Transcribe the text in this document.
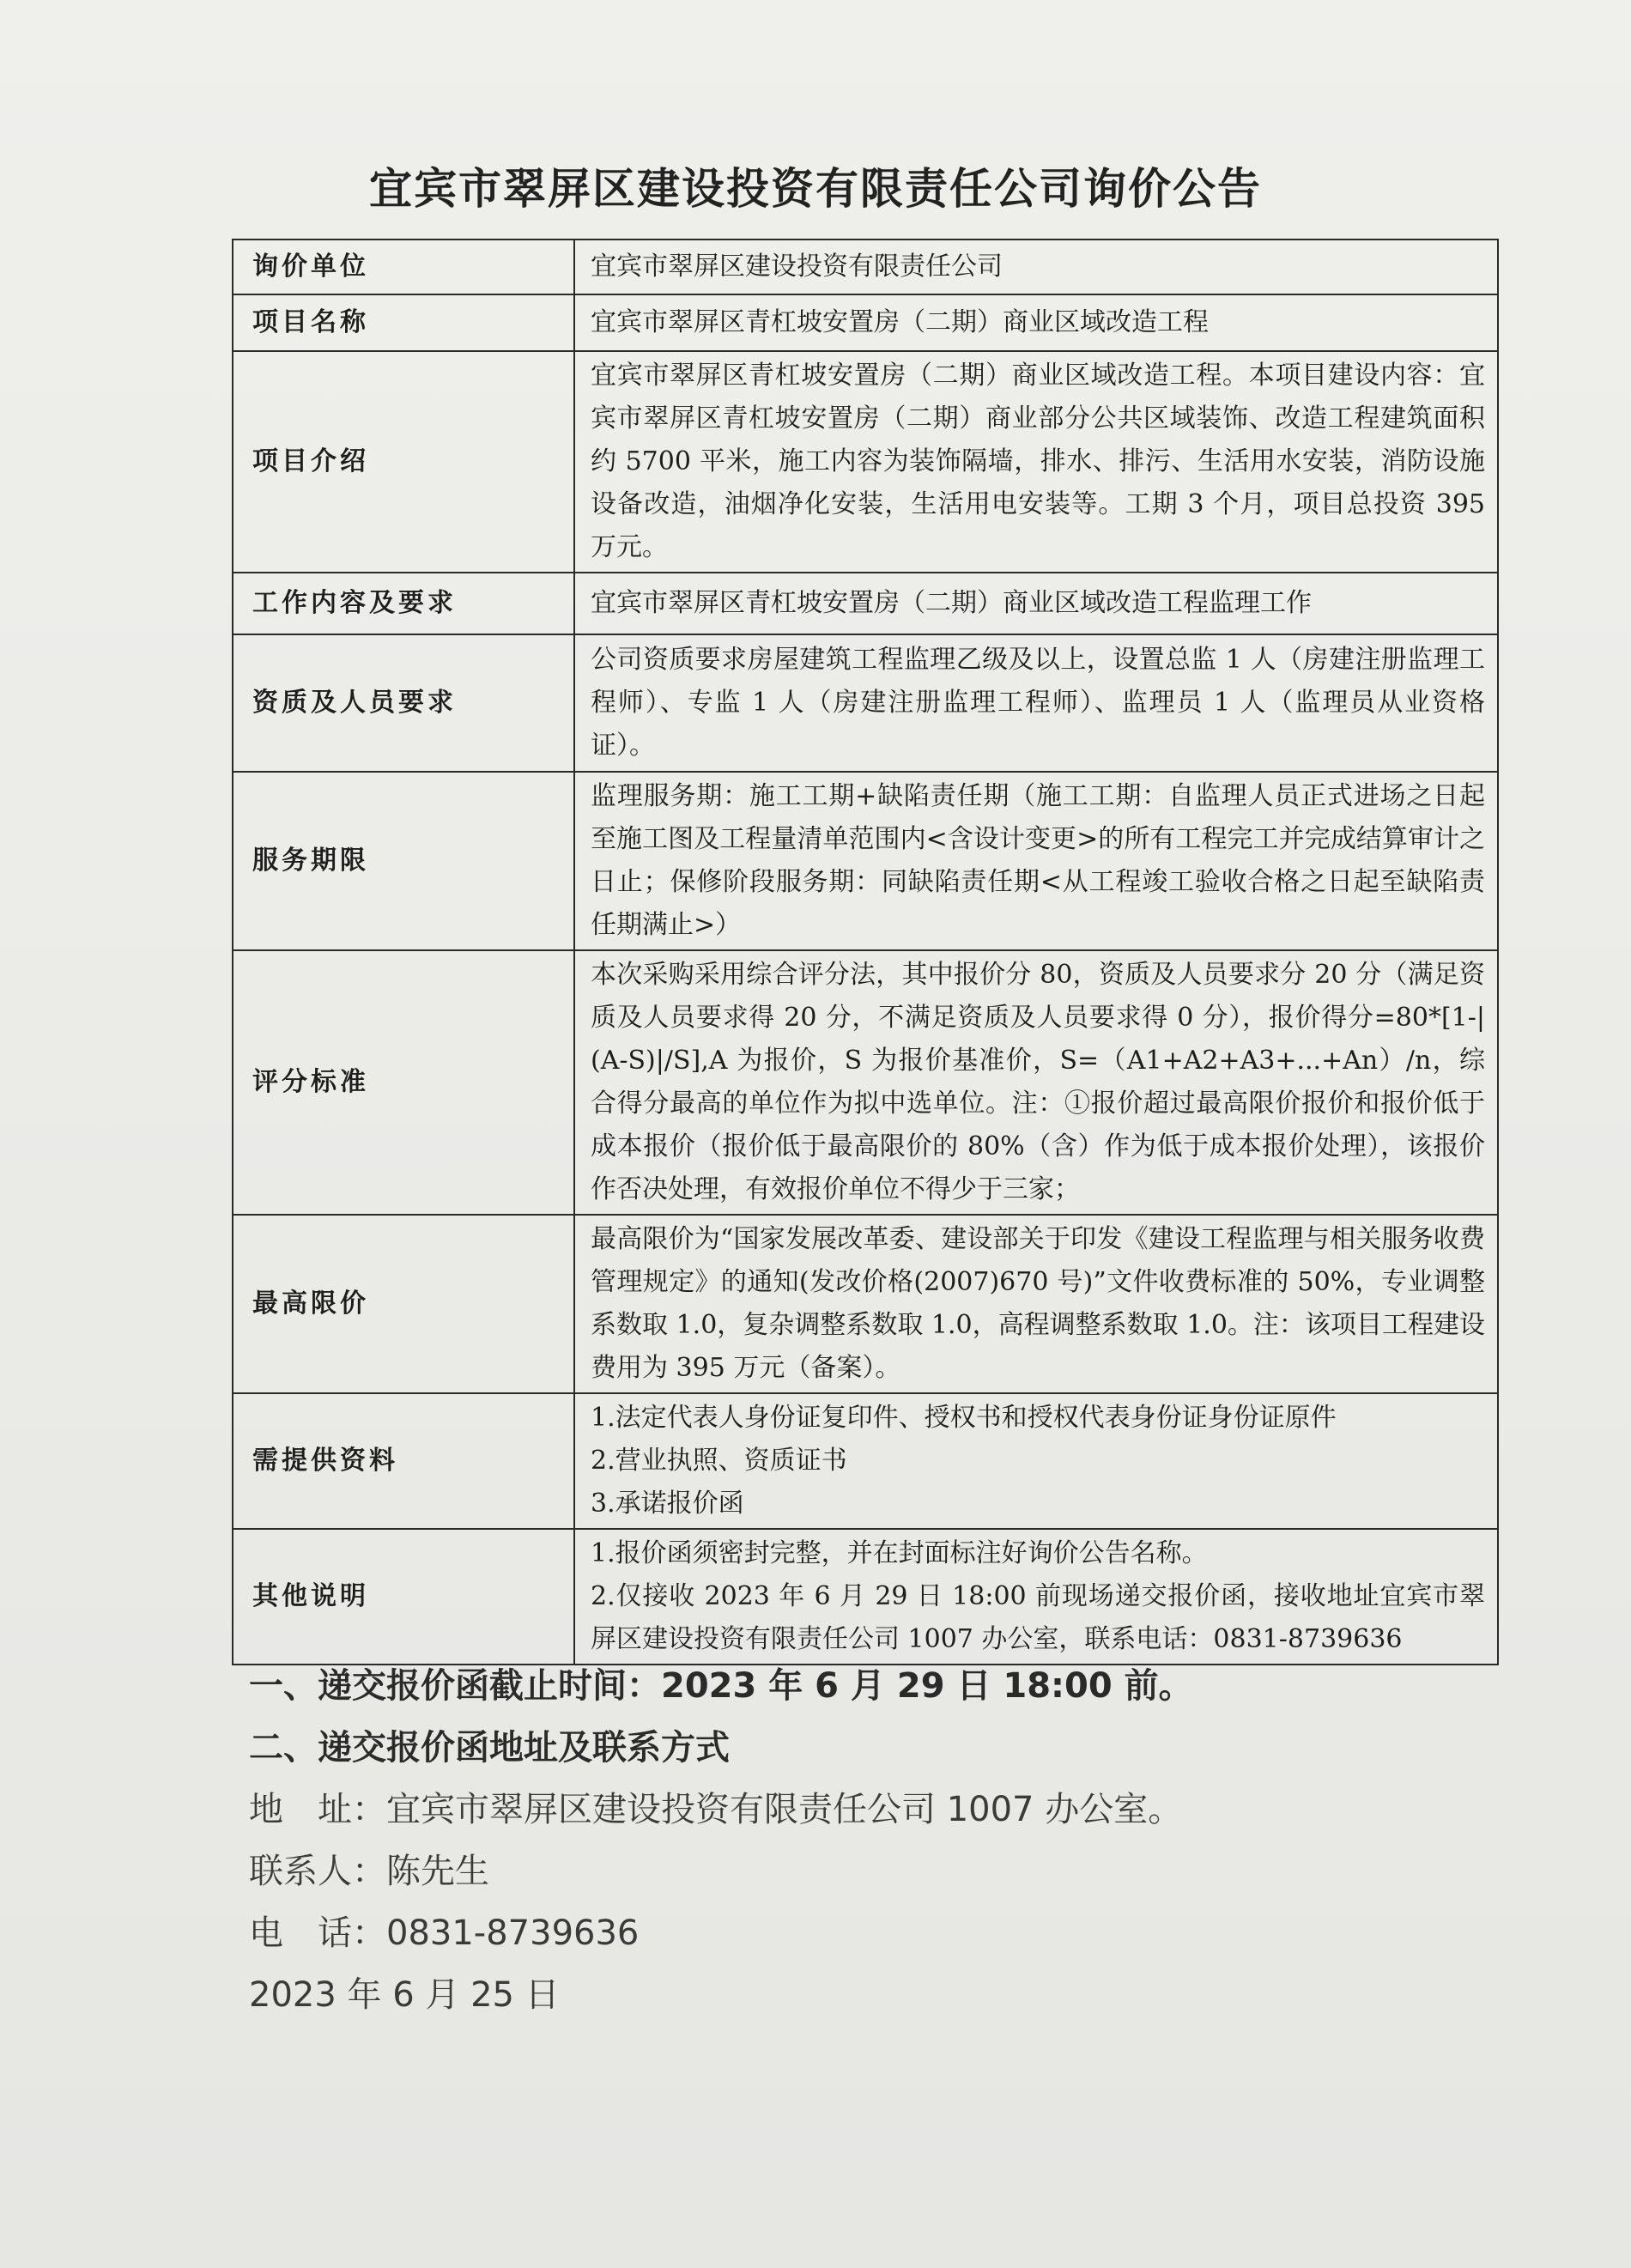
宜宾市翠屏区建设投资有限责任公司询价公告
询价单位	宜宾市翠屏区建设投资有限责任公司
项目名称	宜宾市翠屏区青杠坡安置房（二期）商业区域改造工程
项目介绍	宜宾市翠屏区青杠坡安置房（二期）商业区域改造工程。本项目建设内容：宜宾市翠屏区青杠坡安置房（二期）商业部分公共区域装饰、改造工程建筑面积约 5700 平米，施工内容为装饰隔墙，排水、排污、生活用水安装，消防设施设备改造，油烟净化安装，生活用电安装等。工期 3 个月，项目总投资 395 万元。
工作内容及要求	宜宾市翠屏区青杠坡安置房（二期）商业区域改造工程监理工作
资质及人员要求	公司资质要求房屋建筑工程监理乙级及以上，设置总监 1 人（房建注册监理工程师）、专监 1 人（房建注册监理工程师）、监理员 1 人（监理员从业资格证）。
服务期限	监理服务期：施工工期+缺陷责任期（施工工期：自监理人员正式进场之日起至施工图及工程量清单范围内<含设计变更>的所有工程完工并完成结算审计之日止；保修阶段服务期：同缺陷责任期<从工程竣工验收合格之日起至缺陷责任期满止>）
评分标准	本次采购采用综合评分法，其中报价分 80，资质及人员要求分 20 分（满足资质及人员要求得 20 分，不满足资质及人员要求得 0 分），报价得分=80*[1-|(A-S)|/S],A 为报价，S 为报价基准价，S=（A1+A2+A3+...+An）/n，综合得分最高的单位作为拟中选单位。注：①报价超过最高限价报价和报价低于成本报价（报价低于最高限价的 80%（含）作为低于成本报价处理），该报价作否决处理，有效报价单位不得少于三家；
最高限价	最高限价为“国家发展改革委、建设部关于印发《建设工程监理与相关服务收费管理规定》的通知(发改价格(2007)670 号)”文件收费标准的 50%，专业调整系数取 1.0，复杂调整系数取 1.0，高程调整系数取 1.0。注：该项目工程建设费用为 395 万元（备案）。
需提供资料	1.法定代表人身份证复印件、授权书和授权代表身份证身份证原件
2.营业执照、资质证书
3.承诺报价函

其他说明	1.报价函须密封完整，并在封面标注好询价公告名称。
2.仅接收 2023 年 6 月 29 日 18:00 前现场递交报价函，接收地址宜宾市翠屏区建设投资有限责任公司 1007 办公室，联系电话：0831-8739636
一、递交报价函截止时间：2023 年 6 月 29 日 18:00 前。
二、递交报价函地址及联系方式
地　址：宜宾市翠屏区建设投资有限责任公司 1007 办公室。
联系人：陈先生
电　话：0831-8739636
2023 年 6 月 25 日
